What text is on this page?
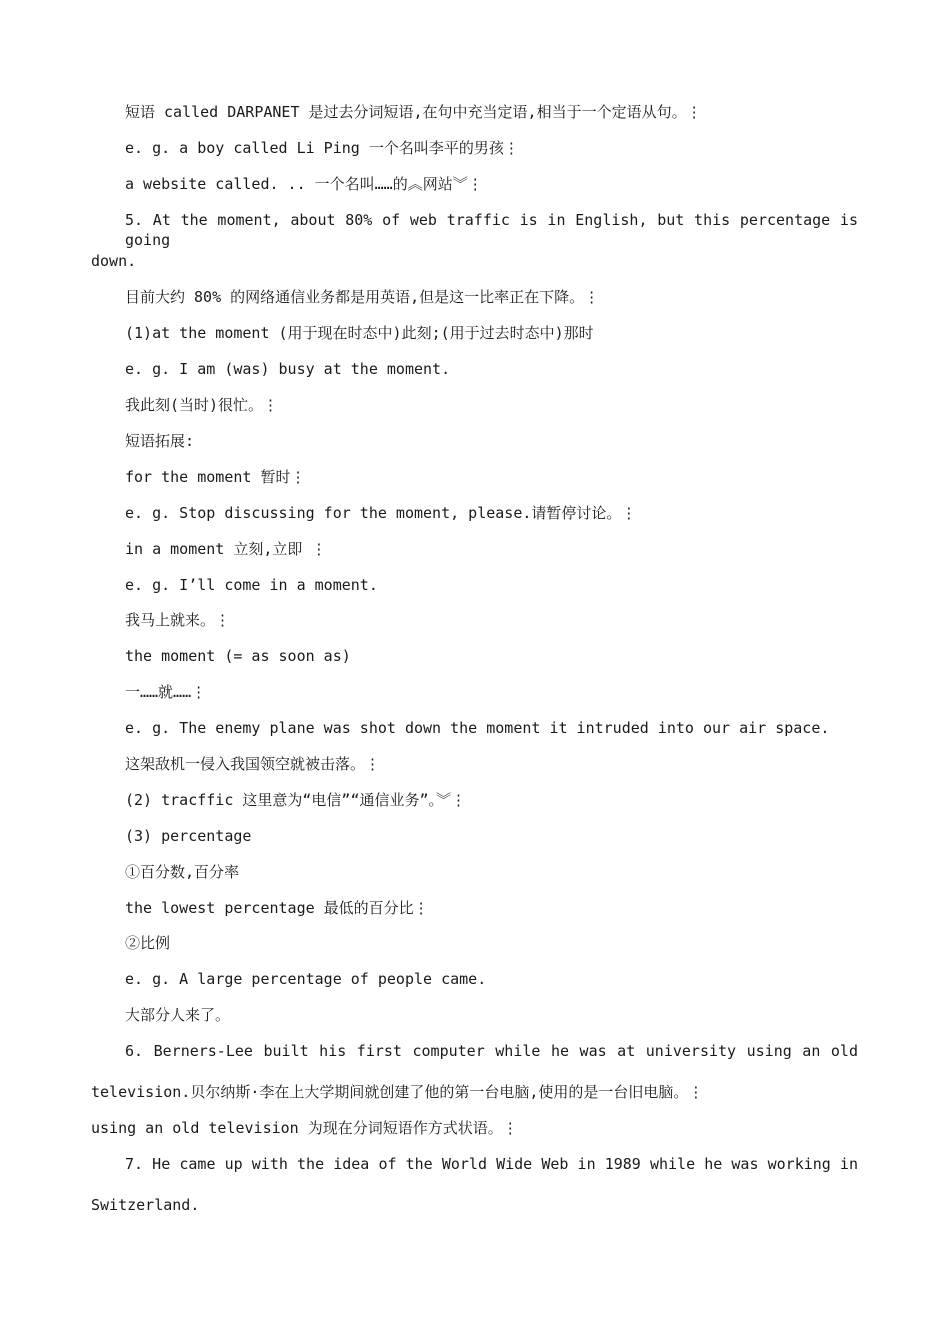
短语 called DARPANET 是过去分词短语,在句中充当定语,相当于一个定语从句。⋮
e. g. a boy called Li Ping 一个名叫李平的男孩⋮
a website called. .. 一个名叫……的︽网站︾⋮
5. At the moment, about 80% of web traffic is in English, but this percentage is going
down.
目前大约 80% 的网络通信业务都是用英语,但是这一比率正在下降。⋮
(1)at the moment (用于现在时态中)此刻;(用于过去时态中)那时
e. g. I am (was) busy at the moment.
我此刻(当时)很忙。⋮
短语拓展:
for the moment 暂时⋮
e. g. Stop discussing for the moment, please.请暂停讨论。⋮
in a moment 立刻,立即 ⋮
e. g. I’ll come in a moment.
我马上就来。⋮
the moment (= as soon as)
一……就……⋮
e. g. The enemy plane was shot down the moment it intruded into our air space.
这架敌机一侵入我国领空就被击落。⋮
(2) tracffic 这里意为“电信”“通信业务”。︾⋮
(3) percentage
①百分数,百分率
the lowest percentage 最低的百分比⋮
②比例
e. g. A large percentage of people came.
大部分人来了。
6. Berners-Lee built his first computer while he was at university using an old
television.贝尔纳斯·李在上大学期间就创建了他的第一台电脑,使用的是一台旧电脑。⋮
using an old television 为现在分词短语作方式状语。⋮
7. He came up with the idea of the World Wide Web in 1989 while he was working in
Switzerland.
